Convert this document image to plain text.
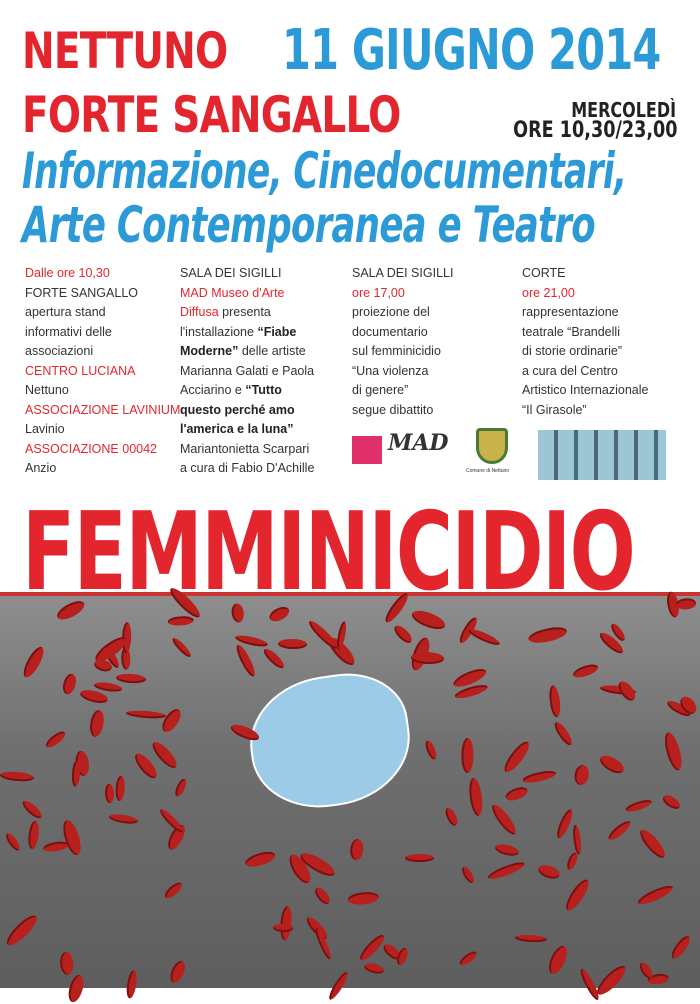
NETTUNO 11 GIUGNO 2014
FORTE SANGALLO	MERCOLEDÌ
ORE 10,30/23,00
Informazione, Cinedocumentari,
Arte Contemporanea e Teatro
Dalle ore 10,30
FORTE SANGALLO
apertura stand
informativi delle
associazioni
CENTRO LUCIANA
Nettuno
ASSOCIAZIONE LAVINIUM
Lavinio
ASSOCIAZIONE 00042
Anzio
SALA DEI SIGILLI
MAD Museo d'Arte
Diffusa presenta
l'installazione “Fiabe
Moderne” delle artiste
Marianna Galati e Paola
Acciarino e “Tutto
questo perché amo
l'america e la luna”
Mariantonietta Scarpari
a cura di Fabio D'Achille
SALA DEI SIGILLI
ore 17,00
proiezione del
documentario
sul femminicidio
“Una violenza
di genere”
segue dibattito
CORTE
ore 21,00
rappresentazione
teatrale “Brandelli
di storie ordinarie”
a cura del Centro
Artistico Internazionale
“Il Girasole”
MAD
Comune di Nettuno
FEMMINICIDIO
